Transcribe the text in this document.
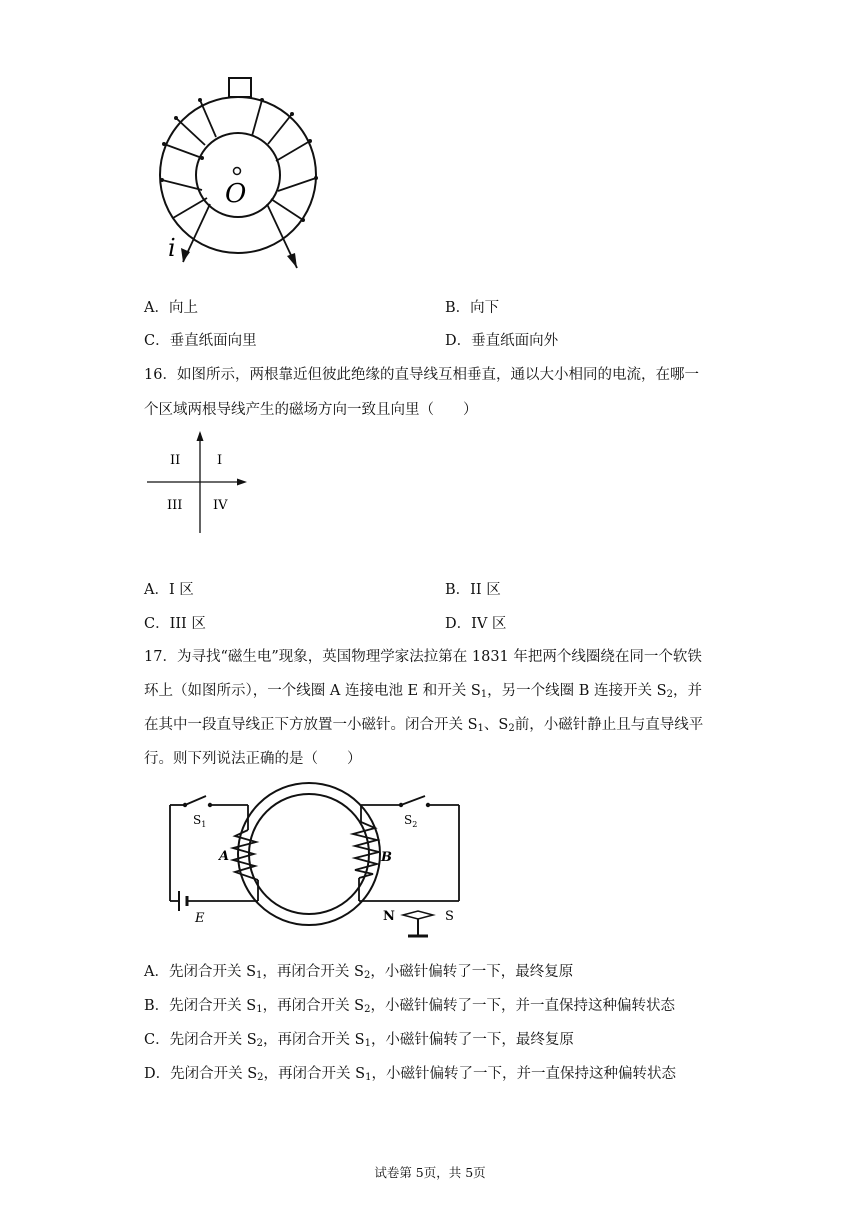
O
i
A．向上	B．向下
C．垂直纸面向里	D．垂直纸面向外
16．如图所示，两根靠近但彼此绝缘的直导线互相垂直，通以大小相同的电流，在哪一
个区域两根导线产生的磁场方向一致且向里（　　）
II	I
III IV
A．I 区	B．II 区
C．III 区	D．IV 区
17．为寻找“磁生电”现象，英国物理学家法拉第在 1831 年把两个线圈绕在同一个软铁
环上（如图所示），一个线圈 A 连接电池 E 和开关 $S_1$，另一个线圈 B 连接开关 $S_2$，并
在其中一段直导线正下方放置一小磁针。闭合开关 $S_1$、$S_2$前，小磁针静止且与直导线平
行。则下列说法正确的是（　　）
$S_1$	$S_2$
A	B
E	N	S
A．先闭合开关 $S_1$，再闭合开关 $S_2$，小磁针偏转了一下，最终复原
B．先闭合开关 $S_1$，再闭合开关 $S_2$，小磁针偏转了一下，并一直保持这种偏转状态
C．先闭合开关 $S_2$，再闭合开关 $S_1$，小磁针偏转了一下，最终复原
D．先闭合开关 $S_2$，再闭合开关 $S_1$，小磁针偏转了一下，并一直保持这种偏转状态
试卷第 5页，共 5页
